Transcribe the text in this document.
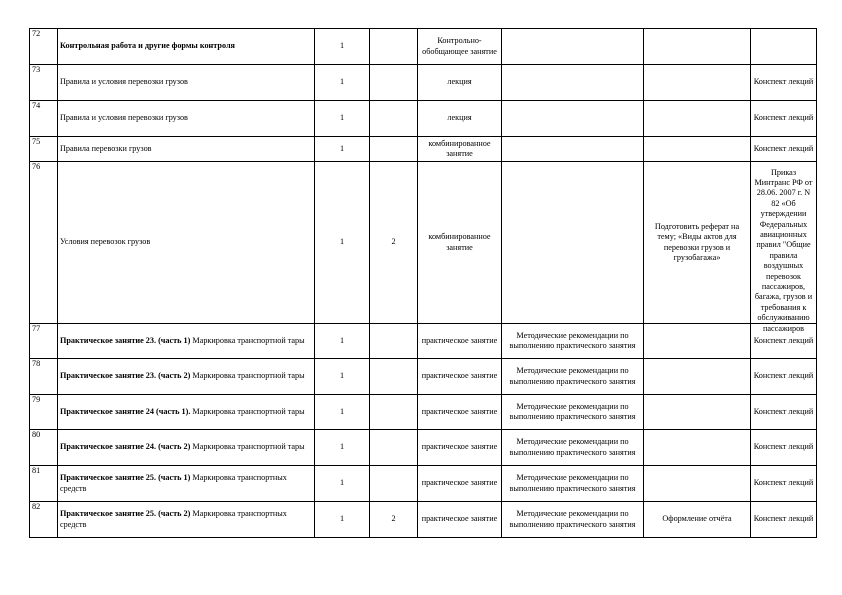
72	Контрольная работа и другие формы контроля	1		Контрольно-обобщающее занятие			
73	Правила и условия перевозки грузов	1		лекция			Конспект лекций
74	Правила и условия перевозки грузов	1		лекция			Конспект лекций
75	Правила перевозки грузов	1		комбинированное занятие			Конспект лекций
76	Условия перевозок грузов	1	2	комбинированное занятие		Подготовить реферат на тему; «Виды актов для перевозки грузов и грузобагажа»	Приказ Минтранс РФ от 28.06. 2007 г. N 82 «Об утверждении Федеральных авиационных правил "Общие правила воздушных перевозок пассажиров, багажа, грузов и требования к обслуживанию пассажиров

77	Практическое занятие 23. (часть 1) Маркировка транспортной тары	1		практическое занятие	Методические рекомендации по выполнению практического занятия		Конспект лекций
78	Практическое занятие 23. (часть 2) Маркировка транспортной тары	1		практическое занятие	Методические рекомендации по выполнению практического занятия		Конспект лекций
79	Практическое занятие 24 (часть 1). Маркировка транспортной тары	1		практическое занятие	Методические рекомендации по выполнению практического занятия		Конспект лекций
80	Практическое занятие 24. (часть 2) Маркировка транспортной тары	1		практическое занятие	Методические рекомендации по выполнению практического занятия		Конспект лекций
81	Практическое занятие 25. (часть 1) Маркировка транспортных средств	1		практическое занятие	Методические рекомендации по выполнению практического занятия		Конспект лекций
82	Практическое занятие 25. (часть 2) Маркировка транспортных средств	1	2	практическое занятие	Методические рекомендации по выполнению практического занятия	Оформление отчёта	Конспект лекций
